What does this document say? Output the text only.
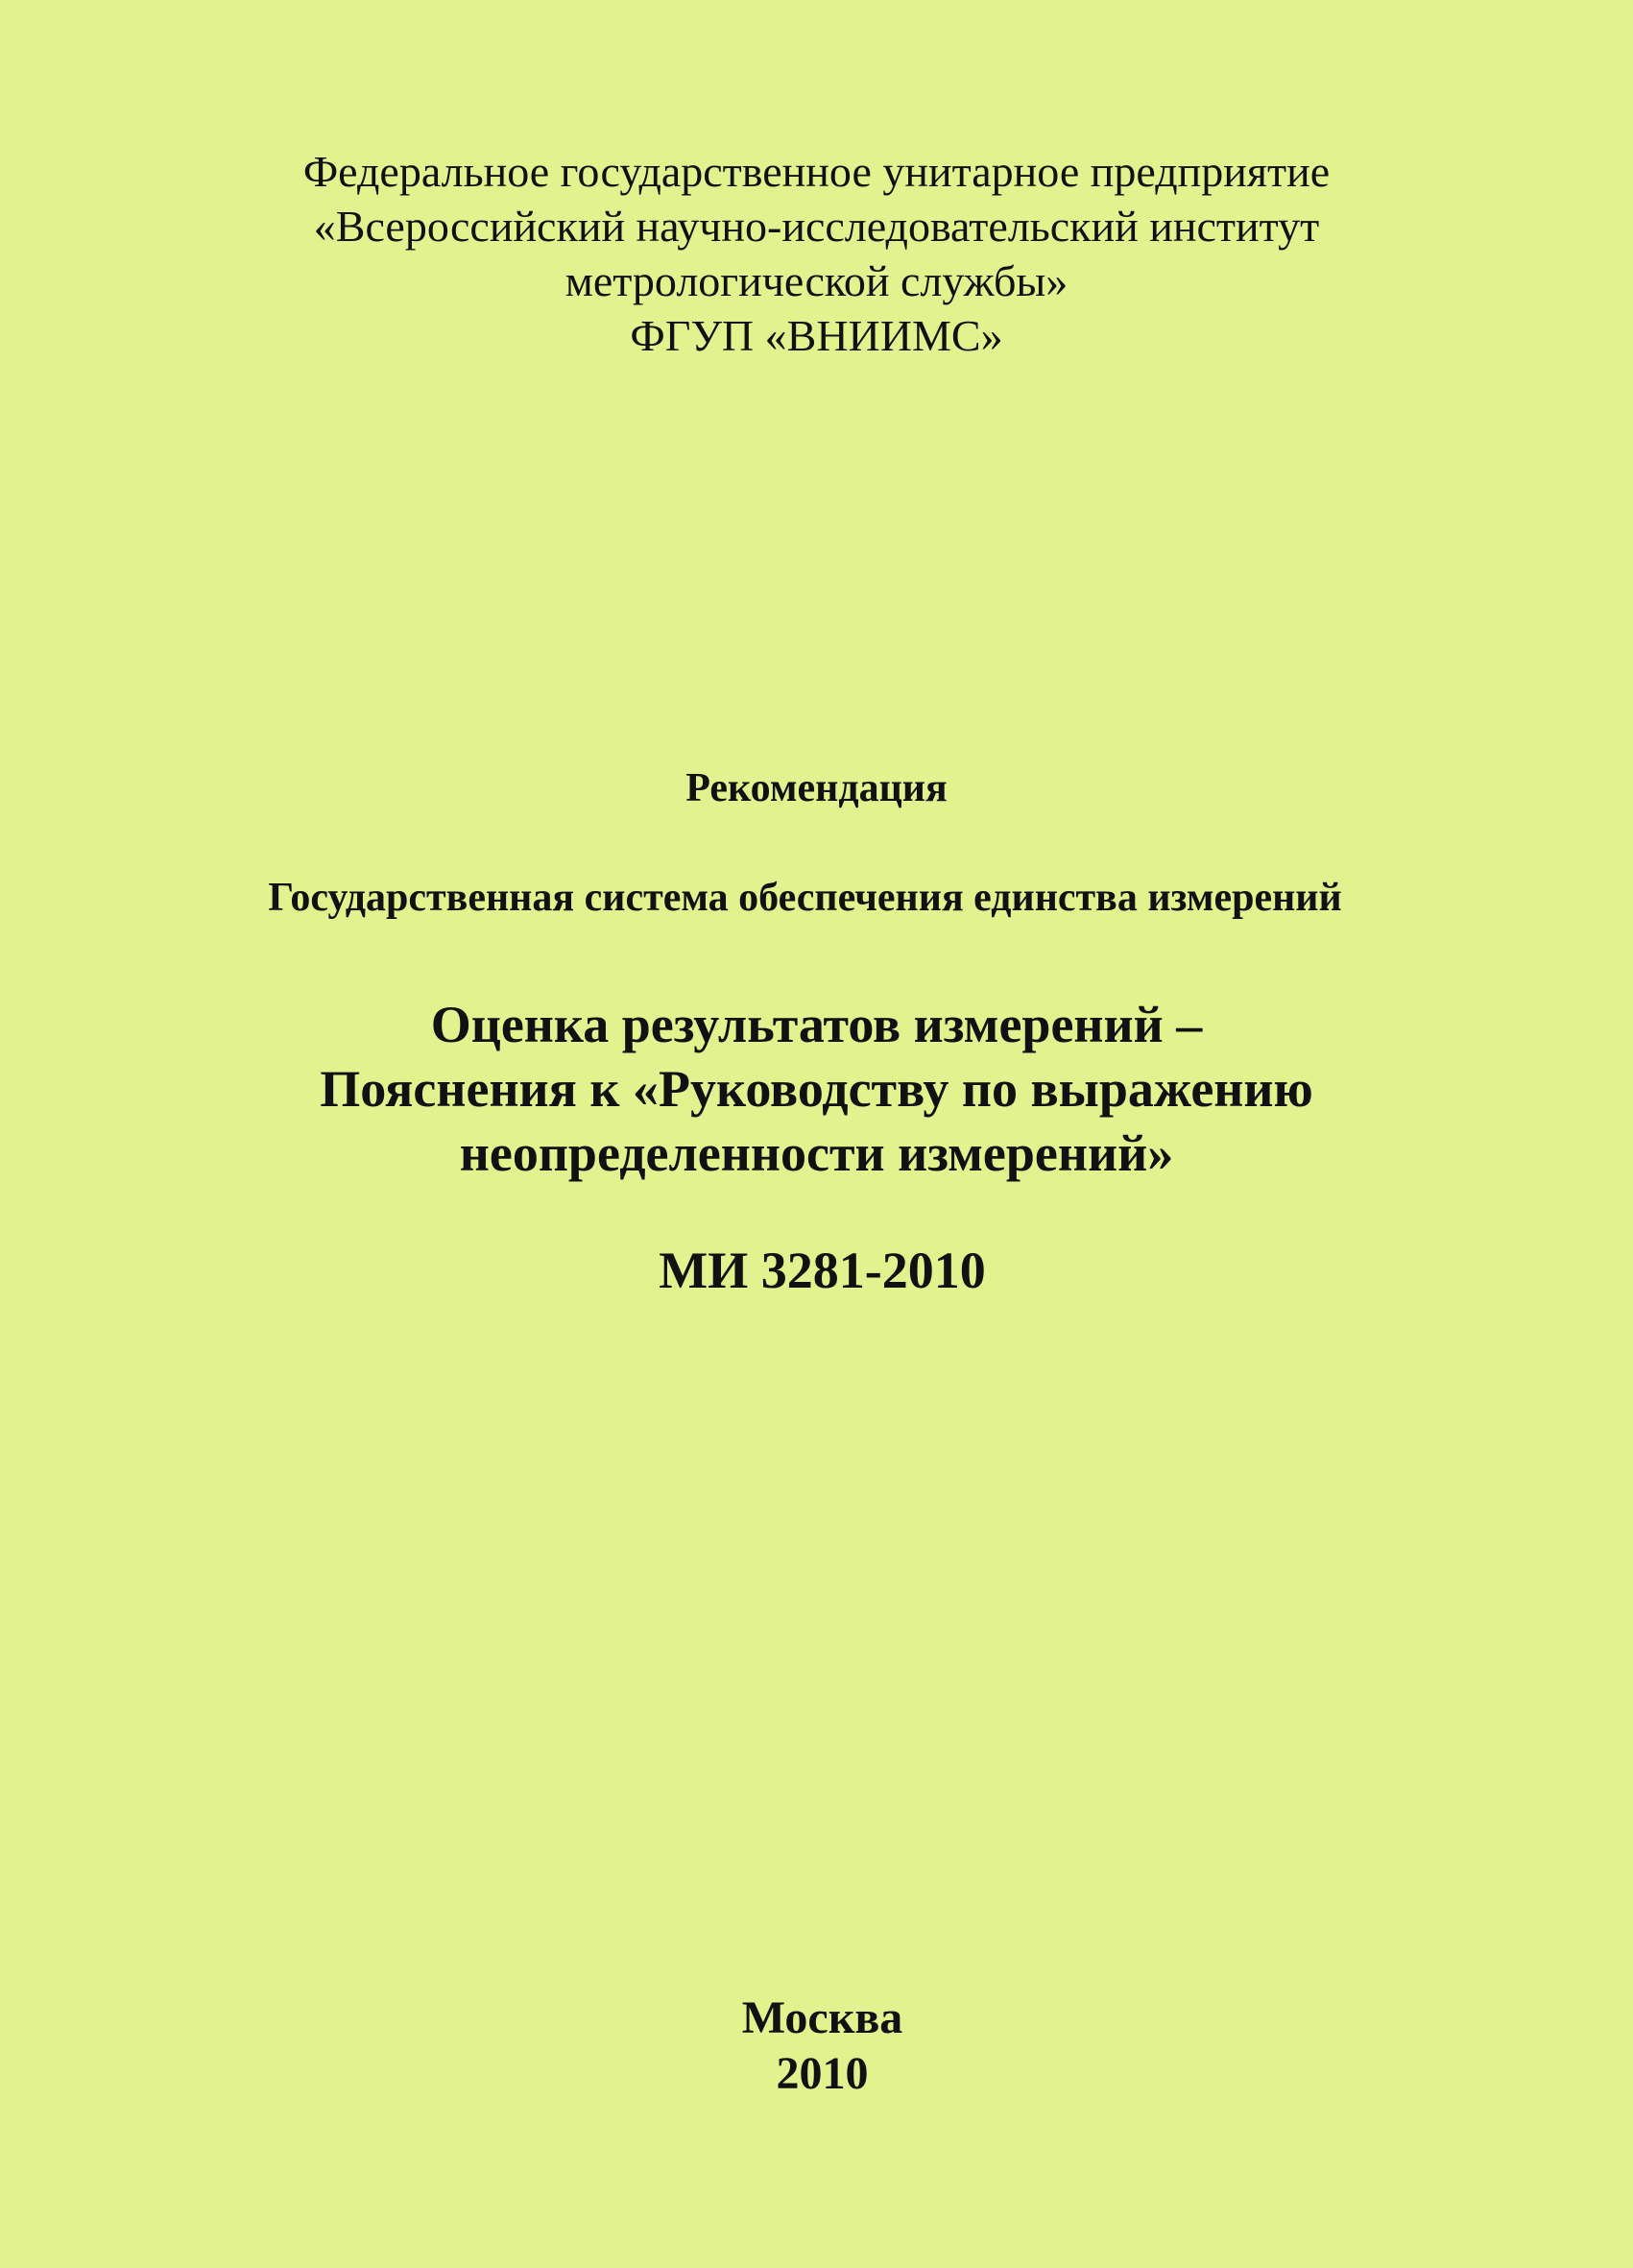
Федеральное государственное унитарное предприятие
«Всероссийский научно-исследовательский институт
метрологической службы»
ФГУП «ВНИИМС»
Рекомендация
Государственная система обеспечения единства измерений
Оценка результатов измерений –
Пояснения к «Руководству по выражению
неопределенности измерений»
МИ 3281-2010
Москва
2010
